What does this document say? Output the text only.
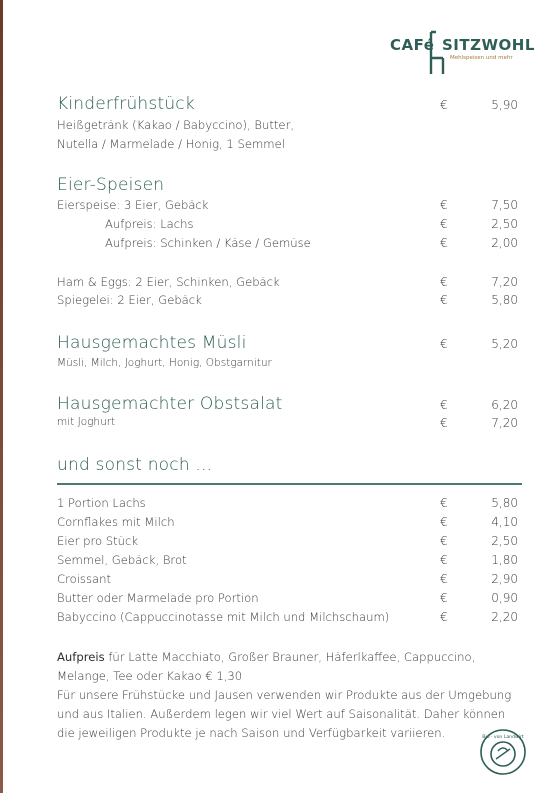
CAFé SITZWOHL
Mehlspeisen und mehr
Kinderfrühstück	€	5,90
Heißgetränk (Kakao / Babyccino), Butter,
Nutella / Marmelade / Honig, 1 Semmel
Eier-Speisen
Eierspeise: 3 Eier, Gebäck	€	7,50
Aufpreis: Lachs	€	2,50
Aufpreis: Schinken / Käse / Gemüse	€	2,00
Ham & Eggs: 2 Eier, Schinken, Gebäck	€	7,20
Spiegelei: 2 Eier, Gebäck	€	5,80
Hausgemachtes Müsli	€	5,20
Müsli, Milch, Joghurt, Honig, Obstgarnitur
Hausgemachter Obstsalat	€	6,20
mit Joghurt	€	7,20
und sonst noch ...
1 Portion Lachs	€	5,80
Cornflakes mit Milch	€	4,10
Eier pro Stück	€	2,50
Semmel, Gebäck, Brot	€	1,80
Croissant	€	2,90
Butter oder Marmelade pro Portion	€	0,90
Babyccino (Cappuccinotasse mit Milch und Milchschaum)	€	2,20

Aufpreis für Latte Macchiato, Großer Brauner, Häferlkaffee, Cappuccino,

Melange, Tee oder Kakao € 1,30

Für unsere Frühstücke und Jausen verwenden wir Produkte aus der Umgebung

und aus Italien. Außerdem legen wir viel Wert auf Saisonalität. Daher können

die jeweiligen Produkte je nach Saison und Verfügbarkeit variieren.	Bio · von Landwirt
